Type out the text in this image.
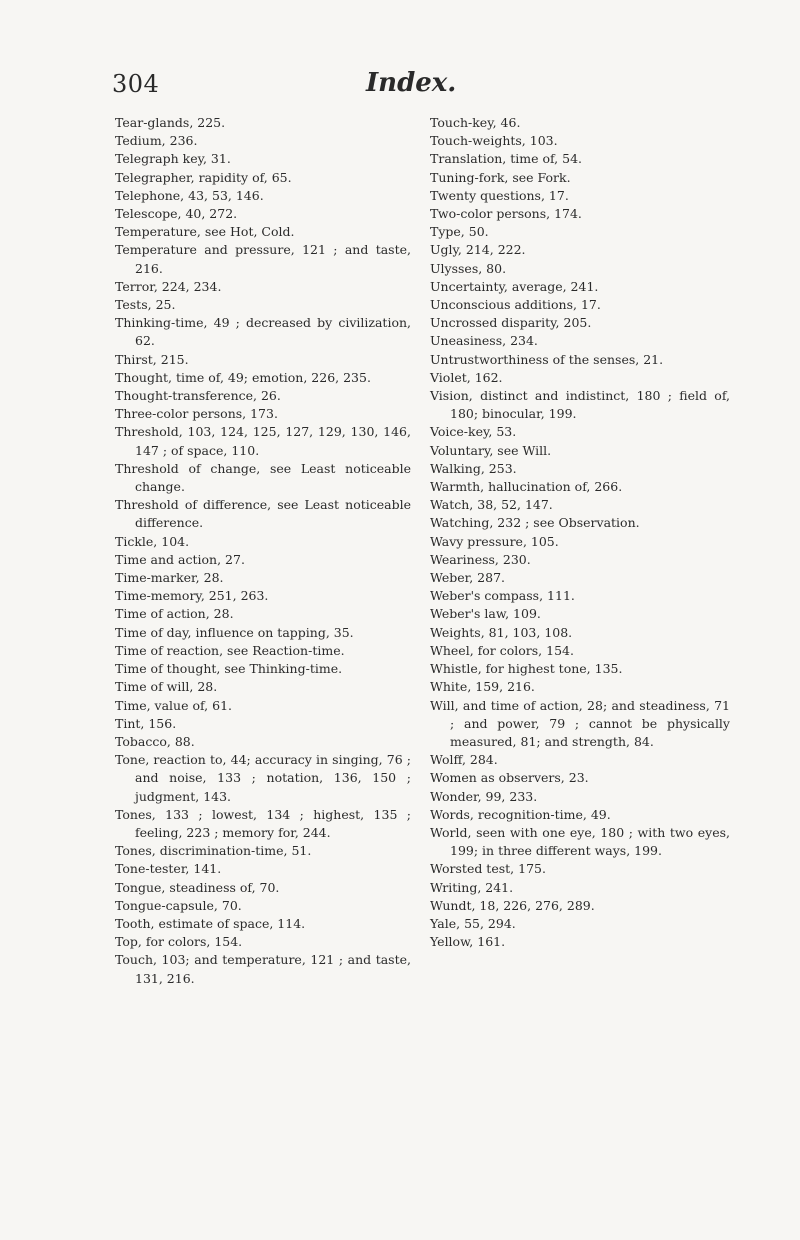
304	Index.
Tear-glands, 225.
Tedium, 236.
Telegraph key, 31.
Telegrapher, rapidity of, 65.
Telephone, 43, 53, 146.
Telescope, 40, 272.
Temperature, see Hot, Cold.
Temperature and pressure, 121 ; and taste, 216.
Terror, 224, 234.
Tests, 25.
Thinking-time, 49 ; decreased by civilization, 62.
Thirst, 215.
Thought, time of, 49; emotion, 226, 235.
Thought-transference, 26.
Three-color persons, 173.
Threshold, 103, 124, 125, 127, 129, 130, 146, 147 ; of space, 110.
Threshold of change, see Least noticeable change.
Threshold of difference, see Least noticeable difference.
Tickle, 104.
Time and action, 27.
Time-marker, 28.
Time-memory, 251, 263.
Time of action, 28.
Time of day, influence on tapping, 35.
Time of reaction, see Reaction-time.
Time of thought, see Thinking-time.
Time of will, 28.
Time, value of, 61.
Tint, 156.
Tobacco, 88.
Tone, reaction to, 44; accuracy in singing, 76 ; and noise, 133 ; notation, 136, 150 ; judgment, 143.
Tones, 133 ; lowest, 134 ; highest, 135 ; feeling, 223 ; memory for, 244.
Tones, discrimination-time, 51.
Tone-tester, 141.
Tongue, steadiness of, 70.
Tongue-capsule, 70.
Tooth, estimate of space, 114.
Top, for colors, 154.
Touch, 103; and temperature, 121 ; and taste, 131, 216.
Touch-key, 46.
Touch-weights, 103.
Translation, time of, 54.
Tuning-fork, see Fork.
Twenty questions, 17.
Two-color persons, 174.
Type, 50.
Ugly, 214, 222.
Ulysses, 80.
Uncertainty, average, 241.
Unconscious additions, 17.
Uncrossed disparity, 205.
Uneasiness, 234.
Untrustworthiness of the senses, 21.
Violet, 162.
Vision, distinct and indistinct, 180 ; field of, 180; binocular, 199.
Voice-key, 53.
Voluntary, see Will.
Walking, 253.
Warmth, hallucination of, 266.
Watch, 38, 52, 147.
Watching, 232 ; see Observation.
Wavy pressure, 105.
Weariness, 230.
Weber, 287.
Weber's compass, 111.
Weber's law, 109.
Weights, 81, 103, 108.
Wheel, for colors, 154.
Whistle, for highest tone, 135.
White, 159, 216.
Will, and time of action, 28; and steadiness, 71 ; and power, 79 ; cannot be physically measured, 81; and strength, 84.
Wolff, 284.
Women as observers, 23.
Wonder, 99, 233.
Words, recognition-time, 49.
World, seen with one eye, 180 ; with two eyes, 199; in three different ways, 199.
Worsted test, 175.
Writing, 241.
Wundt, 18, 226, 276, 289.
Yale, 55, 294.
Yellow, 161.
